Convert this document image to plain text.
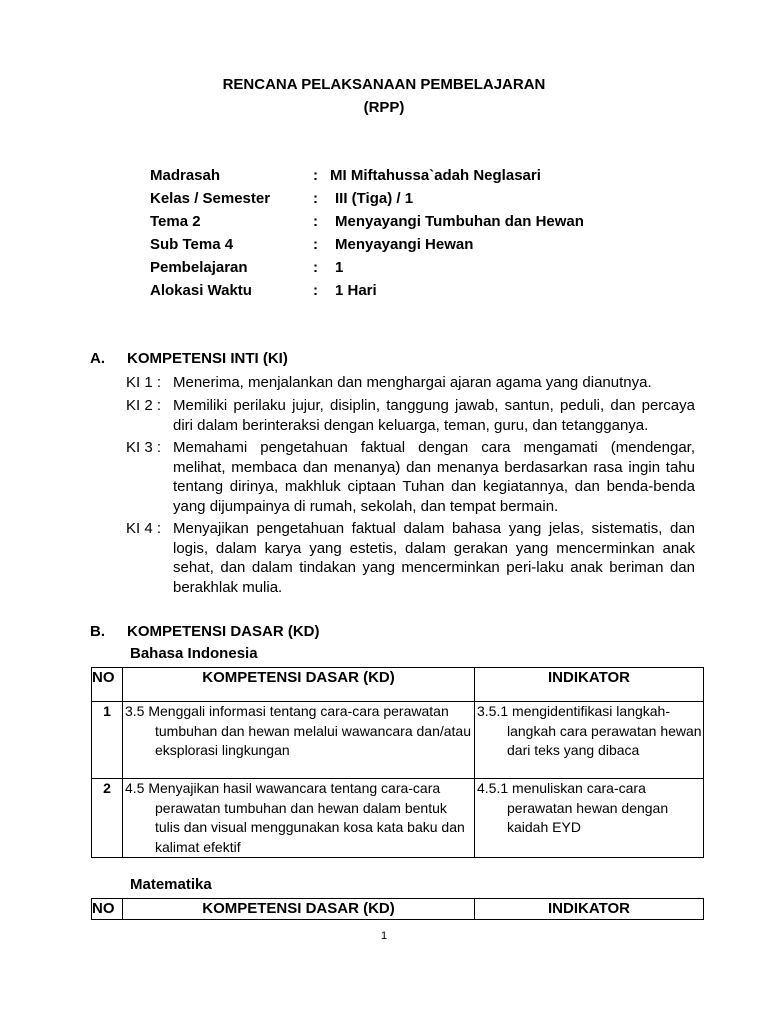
RENCANA PELAKSANAAN PEMBELAJARAN
(RPP)
Madrasah	: MI Miftahussa`adah Neglasari
Kelas / Semester	: III (Tiga) / 1
Tema 2	: Menyayangi Tumbuhan dan Hewan
Sub Tema 4	: Menyayangi Hewan
Pembelajaran	: 1
Alokasi Waktu	: 1 Hari
A. KOMPETENSI INTI (KI)
KI 1 : Menerima, menjalankan dan menghargai ajaran agama yang dianutnya.
KI 2 : Memiliki perilaku jujur, disiplin, tanggung jawab, santun, peduli, dan percaya diri dalam berinteraksi dengan keluarga, teman, guru, dan tetangganya.
KI 3 : Memahami pengetahuan faktual dengan cara mengamati (mendengar, melihat, membaca dan menanya) dan menanya berdasarkan rasa ingin tahu tentang dirinya, makhluk ciptaan Tuhan dan kegiatannya, dan benda-benda yang dijumpainya di rumah, sekolah, dan tempat bermain.
KI 4 : Menyajikan pengetahuan faktual dalam bahasa yang jelas, sistematis, dan logis, dalam karya yang estetis, dalam gerakan yang mencerminkan anak sehat, dan dalam tindakan yang mencerminkan peri-laku anak beriman dan berakhlak mulia.
B. KOMPETENSI DASAR (KD)
Bahasa Indonesia
NO	KOMPETENSI DASAR (KD)	INDIKATOR
1	3.5 Menggali informasi tentang cara-cara perawatan tumbuhan dan hewan melalui wawancara dan/atau eksplorasi lingkungan	3.5.1 mengidentifikasi langkah-langkah cara perawatan hewan dari teks yang dibaca
2	4.5 Menyajikan hasil wawancara tentang cara-cara perawatan tumbuhan dan hewan dalam bentuk tulis dan visual menggunakan kosa kata baku dan kalimat efektif	4.5.1 menuliskan cara-cara perawatan hewan dengan kaidah EYD
Matematika
NO	KOMPETENSI DASAR (KD)	INDIKATOR
1
